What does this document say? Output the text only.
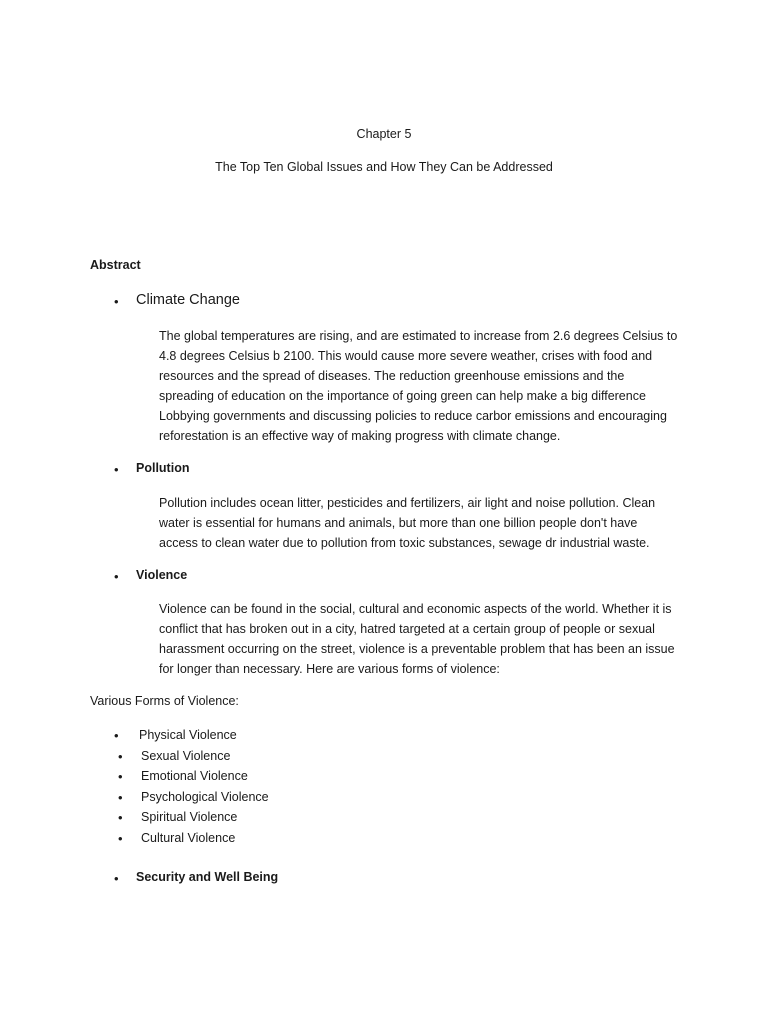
Chapter 5
The Top Ten Global Issues and How They Can be Addressed
Abstract
• Climate Change
The global temperatures are rising, and are estimated to increase from 2.6 degrees Celsius to 4.8 degrees Celsius b 2100. This would cause more severe weather, crises with food and resources and the spread of diseases. The reduction greenhouse emissions and the spreading of education on the importance of going green can help make a big difference Lobbying governments and discussing policies to reduce carbor emissions and encouraging reforestation is an effective way of making progress with climate change.
• Pollution
Pollution includes ocean litter, pesticides and fertilizers, air light and noise pollution. Clean water is essential for humans and animals, but more than one billion people don't have access to clean water due to pollution from toxic substances, sewage dr industrial waste.
• Violence
Violence can be found in the social, cultural and economic aspects of the world. Whether it is conflict that has broken out in a city, hatred targeted at a certain group of people or sexual harassment occurring on the street, violence is a preventable problem that has been an issue for longer than necessary. Here are various forms of violence:
Various Forms of Violence:
• Physical Violence
• Sexual Violence
• Emotional Violence
• Psychological Violence
• Spiritual Violence
• Cultural Violence
• Security and Well Being
